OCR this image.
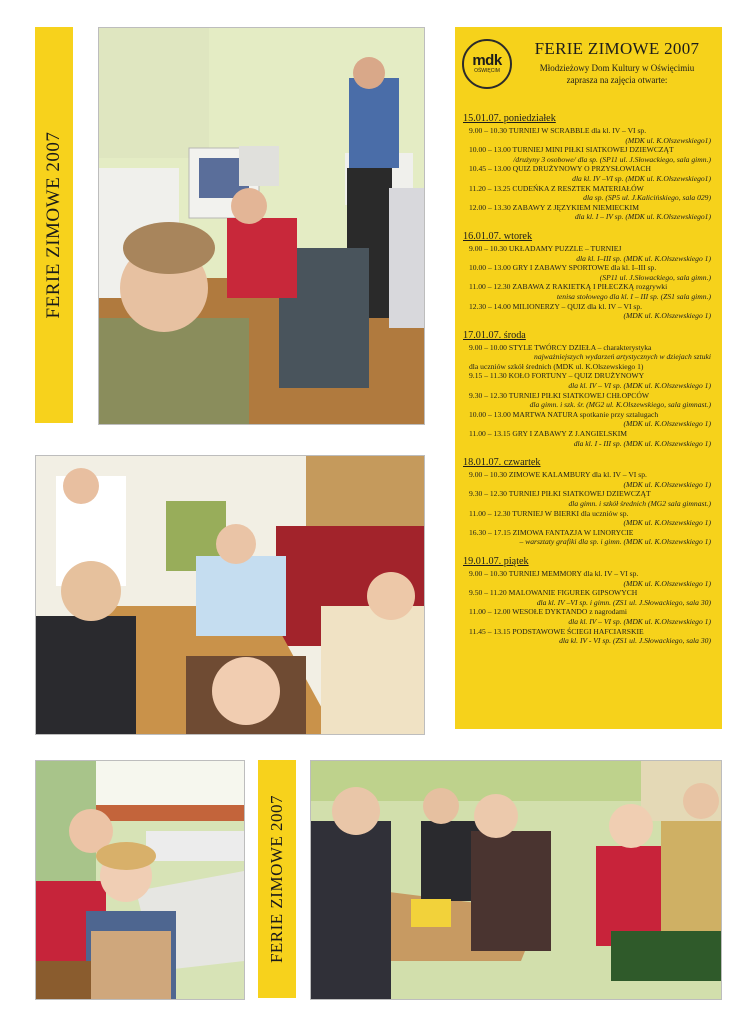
FERIE ZIMOWE 2007
FERIE ZIMOWE 2007
mdk
OŚWIĘCIM
FERIE ZIMOWE 2007
Młodzieżowy Dom Kultury w Oświęcimiu
zaprasza na zajęcia otwarte:
15.01.07. poniedziałek
9.00 – 10.30 TURNIEJ W SCRABBLE dla kl. IV – VI sp.
(MDK ul. K.Olszewskiego1)
10.00 – 13.00 TURNIEJ MINI PIŁKI SIATKOWEJ DZIEWCZĄT
/drużyny 3 osobowe/ dla sp. (SP11 ul. J.Słowackiego, sala gimn.)
10.45 – 13.00 QUIZ DRUŻYNOWY O PRZYSŁOWIACH
dla kl. IV –VI sp. (MDK ul. K.Olszewskiego1)
11.20 – 13.25 CUDEŃKA Z RESZTEK MATERIAŁÓW
dla sp. (SP5 ul. J.Kalicińskiego, sala 029)
12.00 – 13.30 ZABAWY Z JĘZYKIEM NIEMIECKIM
dla kl. I – IV sp. (MDK ul. K.Olszewskiego1)
16.01.07. wtorek
9.00 – 10.30 UKŁADAMY PUZZLE – TURNIEJ
dla kl. I–III sp. (MDK ul. K.Olszewskiego 1)
10.00 – 13.00 GRY I ZABAWY SPORTOWE dla kl. I–III sp.
(SP11 ul. J.Słowackiego, sala gimn.)
11.00 – 12.30 ZABAWA Z RAKIETKĄ I PIŁECZKĄ rozgrywki
tenisa stołowego dla kl. I – III sp. (ZS1 sala gimn.)
12.30 – 14.00 MILIONERZY – QUIZ dla kl. IV – VI sp.
(MDK ul. K.Olszewskiego 1)
17.01.07. środa
9.00 – 10.00 STYLE TWÓRCY DZIEŁA – charakterystyka
najważniejszych wydarzeń artystycznych w dziejach sztuki
dla uczniów szkół średnich (MDK ul. K.Olszewskiego 1)
9.15 – 11.30 KOŁO FORTUNY – QUIZ DRUŻYNOWY
dla kl. IV – VI sp. (MDK ul. K.Olszewskiego 1)
9.30 – 12.30 TURNIEJ PIŁKI SIATKOWEJ CHŁOPCÓW
dla gimn. i szk. śr. (MG2 ul. K.Olszewskiego, sala gimnast.)
10.00 – 13.00 MARTWA NATURA spotkanie przy sztalugach
(MDK ul. K.Olszewskiego 1)
11.00 – 13.15 GRY I ZABAWY Z J.ANGIELSKIM
dla kl. I - III sp. (MDK ul. K.Olszewskiego 1)
18.01.07. czwartek
9.00 – 10.30 ZIMOWE KALAMBURY dla kl. IV – VI sp.
(MDK ul. K.Olszewskiego 1)
9.30 – 12.30 TURNIEJ PIŁKI SIATKOWEJ DZIEWCZĄT
dla gimn. i szkół średnich (MG2 sala gimnast.)
11.00 – 12.30 TURNIEJ W BIERKI dla uczniów sp.
(MDK ul. K.Olszewskiego 1)
16.30 – 17.15 ZIMOWA FANTAZJA W LINORYCIE
– warsztaty grafiki dla sp. i gimn. (MDK ul. K.Olszewskiego 1)
19.01.07. piątek
9.00 – 10.30 TURNIEJ MEMMORY dla kl. IV – VI sp.
(MDK ul. K.Olszewskiego 1)
9.50 – 11.20 MALOWANIE FIGUREK GIPSOWYCH
dla kl. IV –VI sp. i gimn. (ZS1 ul. J.Słowackiego, sala 30)
11.00 – 12.00 WESOŁE DYKTANDO z nagrodami
dla kl. IV – VI sp. (MDK ul. K.Olszewskiego 1)
11.45 – 13.15 PODSTAWOWE ŚCIEGI HAFCIARSKIE
dla kl. IV - VI sp. (ZS1 ul. J.Słowackiego, sala 30)
